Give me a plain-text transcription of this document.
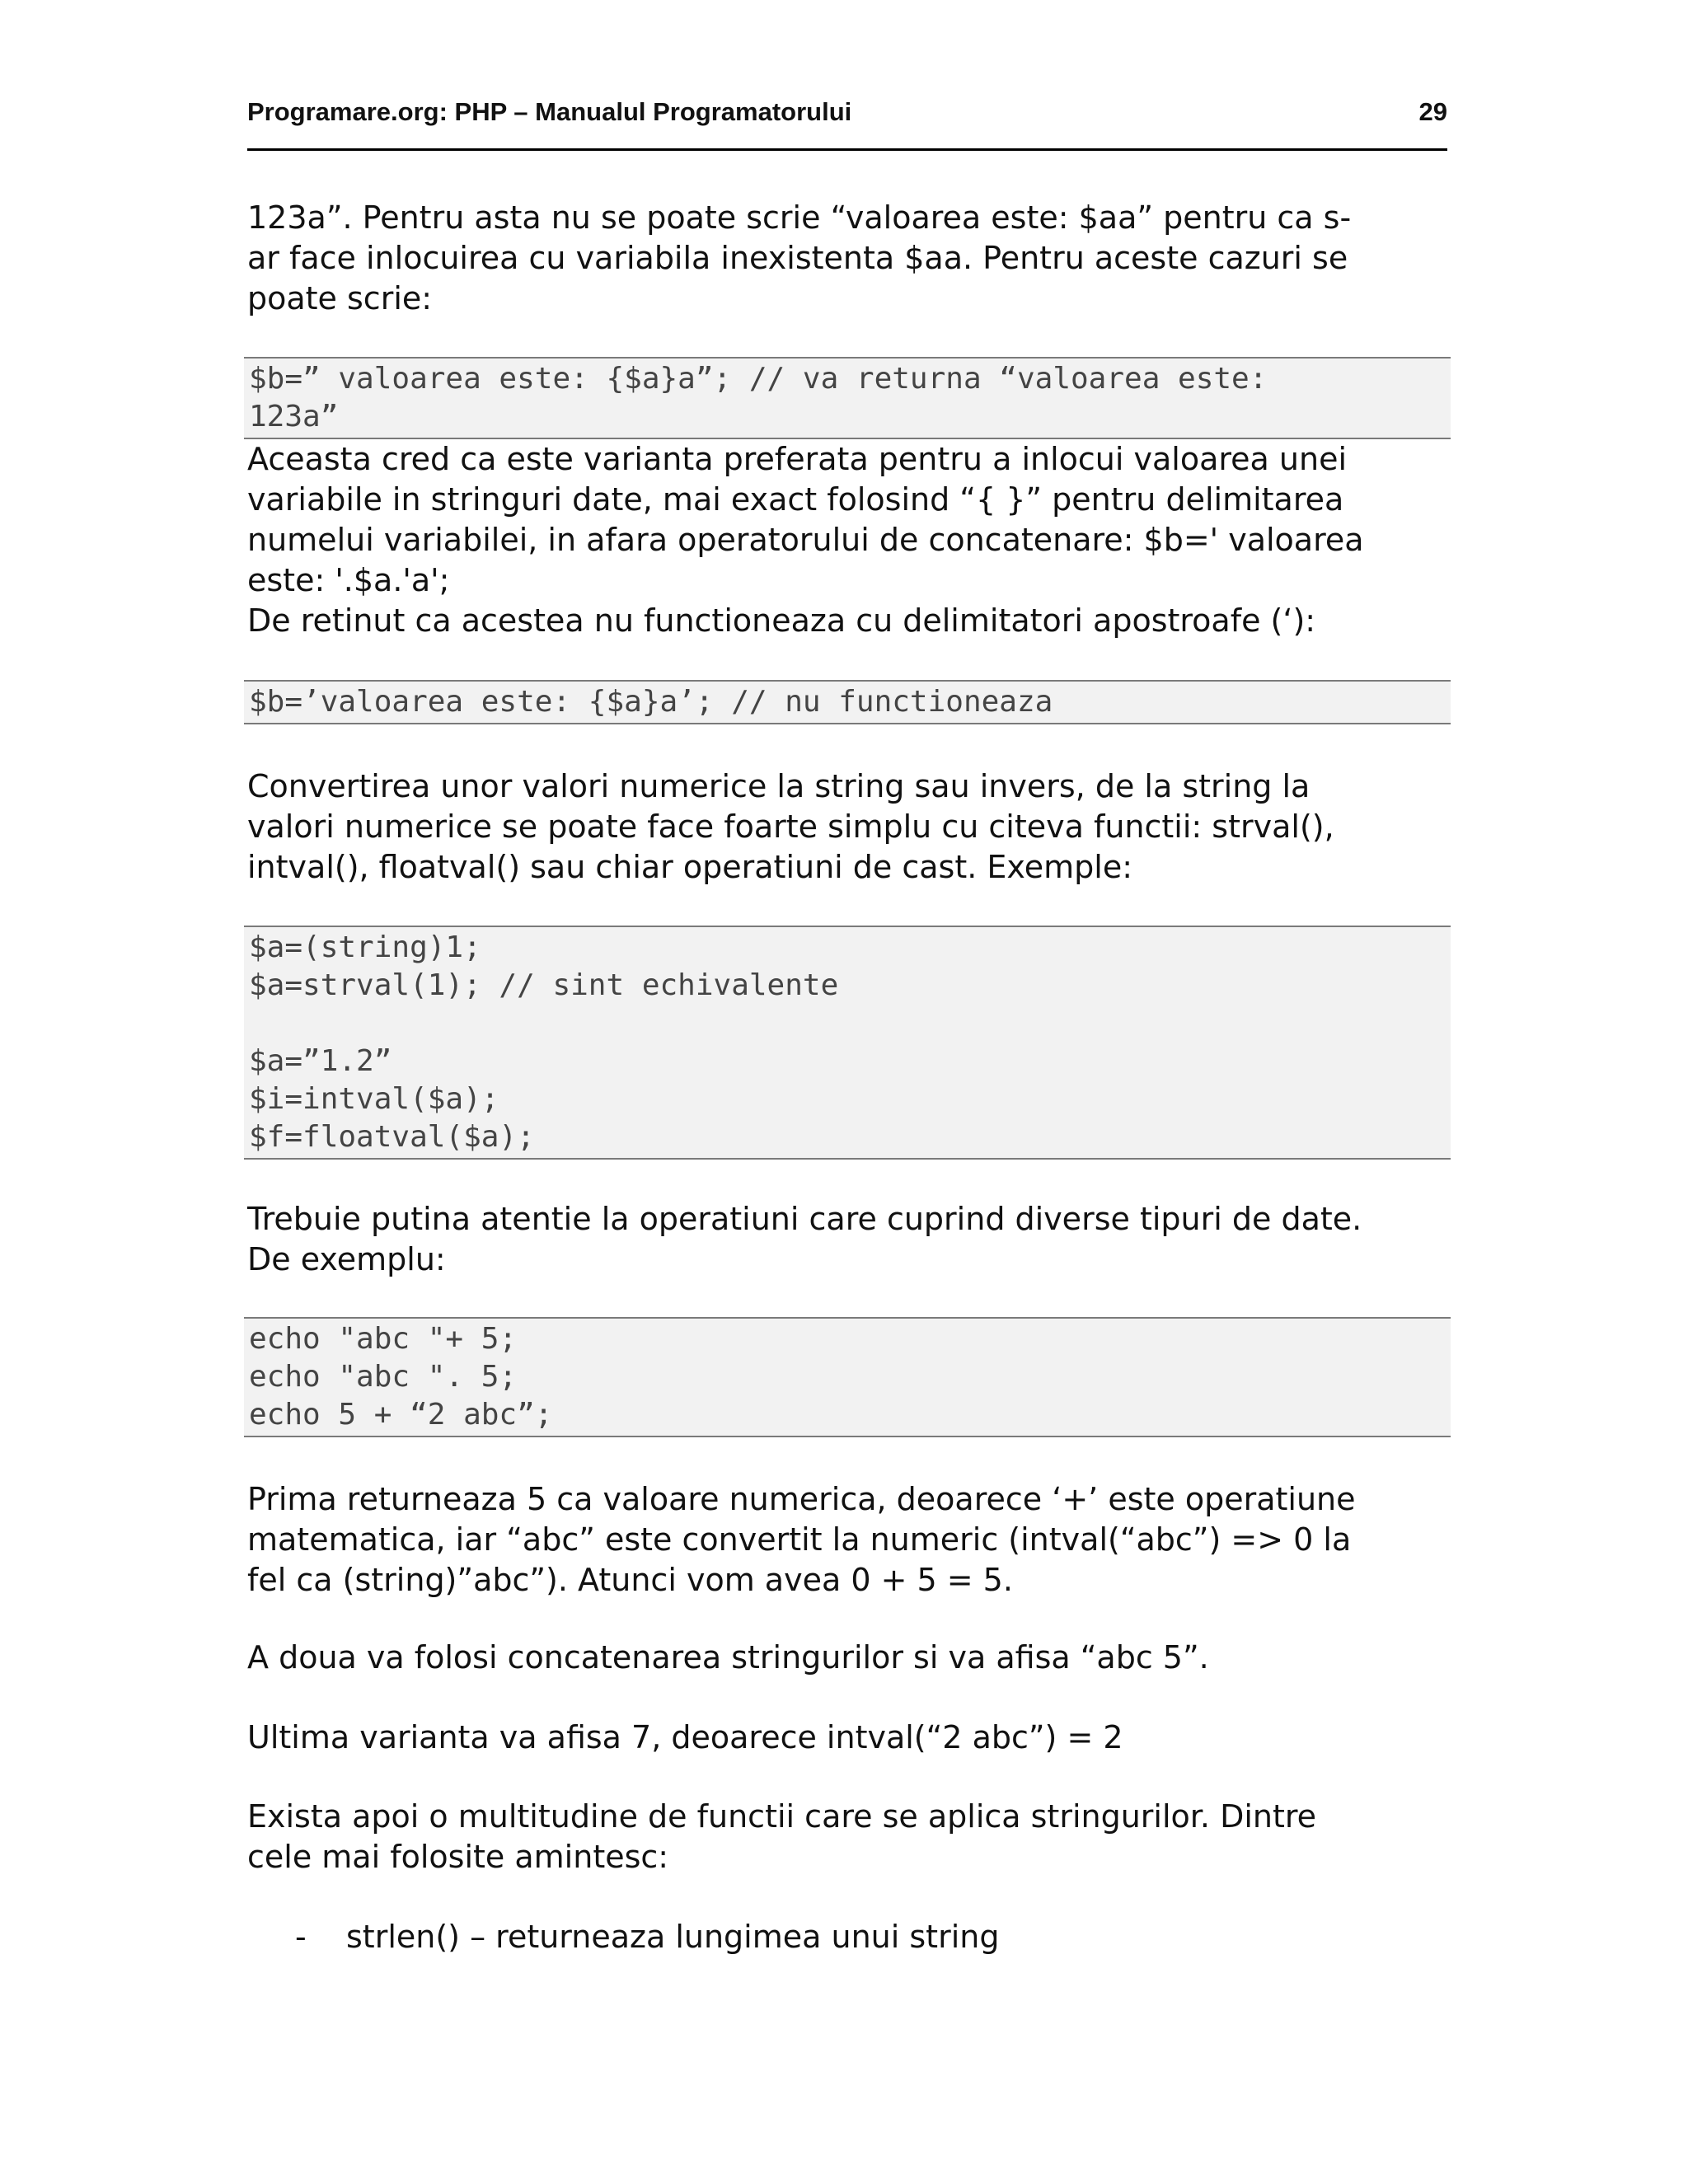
Programare.org: PHP – Manualul Programatorului	29

123a”. Pentru asta nu se poate scrie “valoarea este: $aa” pentru ca s-
ar face inlocuirea cu variabila inexistenta $aa. Pentru aceste cazuri se
poate scrie:

$b=” valoarea este: {$a}a”; // va returna “valoarea este:
123a”

Aceasta cred ca este varianta preferata pentru a inlocui valoarea unei
variabile in stringuri date, mai exact folosind “{ }” pentru delimitarea
numelui variabilei, in afara operatorului de concatenare: $b=' valoarea
este: '.$a.'a';
De retinut ca acestea nu functioneaza cu delimitatori apostroafe (‘):

$b=’valoarea este: {$a}a’; // nu functioneaza

Convertirea unor valori numerice la string sau invers, de la string la
valori numerice se poate face foarte simplu cu citeva functii: strval(),
intval(), floatval() sau chiar operatiuni de cast. Exemple:

$a=(string)1;
$a=strval(1); // sint echivalente
$a=”1.2”
$i=intval($a);
$f=floatval($a);

Trebuie putina atentie la operatiuni care cuprind diverse tipuri de date.
De exemplu:

echo "abc "+ 5;
echo "abc ". 5;
echo 5 + “2 abc”;

Prima returneaza 5 ca valoare numerica, deoarece ‘+’ este operatiune
matematica, iar “abc” este convertit la numeric (intval(“abc”) => 0 la
fel ca (string)”abc”). Atunci vom avea 0 + 5 = 5.

A doua va folosi concatenarea stringurilor si va afisa “abc 5”.

Ultima varianta va afisa 7, deoarece intval(“2 abc”) = 2

Exista apoi o multitudine de functii care se aplica stringurilor. Dintre
cele mai folosite amintesc:

- strlen() – returneaza lungimea unui string
